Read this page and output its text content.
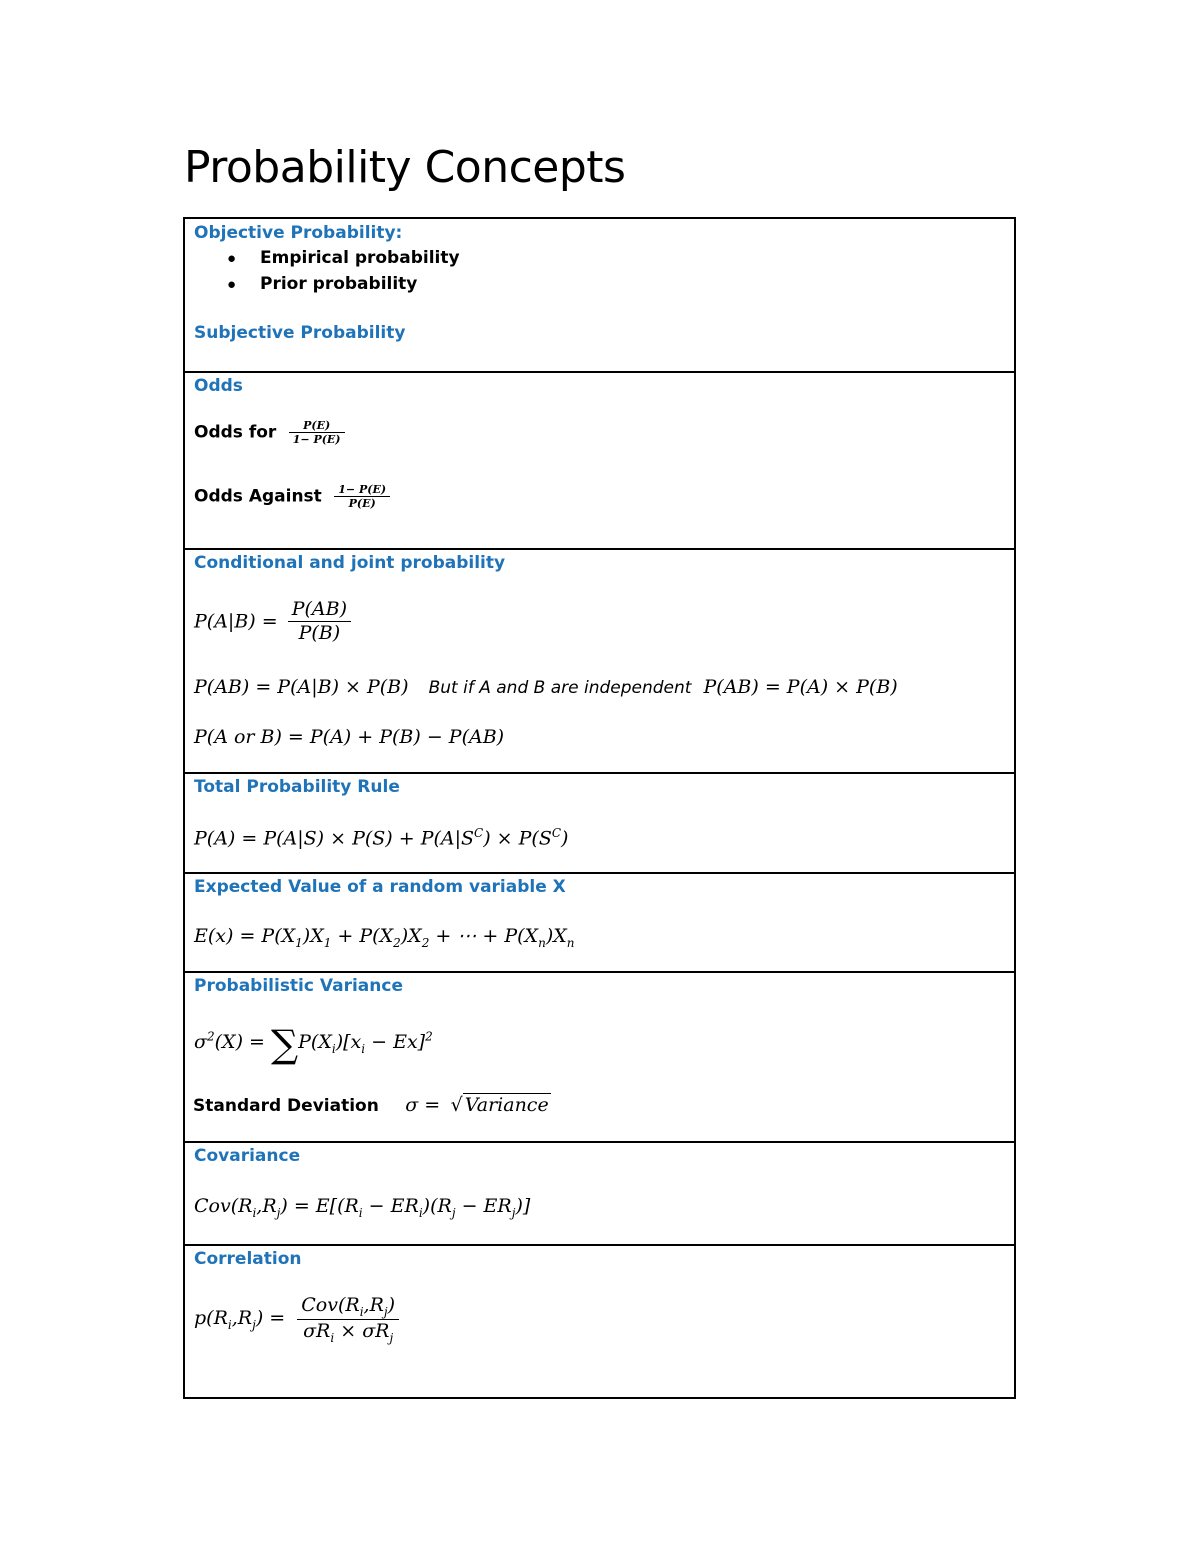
Probability Concepts
Objective Probability:
● Empirical probability
● Prior probability
Subjective Probability
Odds
Odds for $\frac{P(E)}{1- P(E)}$
Odds Against $\frac{1- P(E)}{P(E)}$
Conditional and joint probability
$P(A|B) = \frac{P(AB)}{P(B)}$
P(AB) = P(A|B) × P(B) But if A and B are independent P(AB) = P(A) × P(B)
P(A or B) = P(A) + P(B) − P(AB)
Total Probability Rule
$P(A) = P(A|S) \times P(S) + P(A|S^C) \times P(S^C)$
Expected Value of a random variable X
$E(x) = P(X_1)X_1 + P(X_2)X_2$ + ⋯ + $P(X_n)X_n$
Probabilistic Variance
$\sigma^2(X) = \sum P(X_i)[x_i - Ex]^2$
Standard Deviation σ = √ Variance
Covariance
$Cov(R_i,R_j) = E[(R_i - ER_i)(R_j - ER_j)]$
Correlation
$p(R_i,R_j) = \frac{Cov(R_i,R_j)}{\sigma R_i \times \sigma R_j}$
